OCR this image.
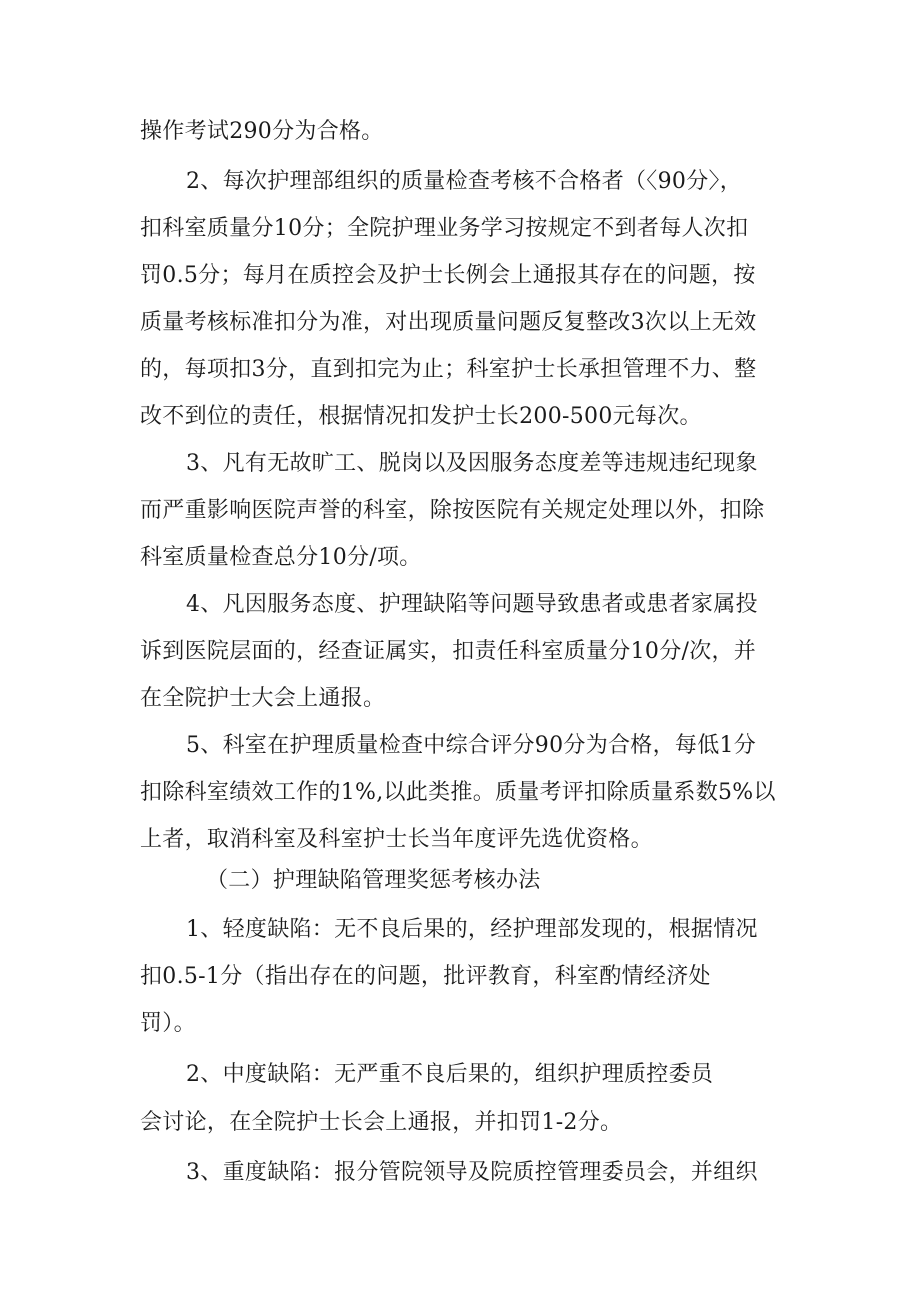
操作考试290分为合格。

2、每次护理部组织的质量检查考核不合格者（〈90分〉，

扣科室质量分10分；全院护理业务学习按规定不到者每人次扣

罚0.5分；每月在质控会及护士长例会上通报其存在的问题，按

质量考核标准扣分为准，对出现质量问题反复整改3次以上无效

的，每项扣3分，直到扣完为止；科室护士长承担管理不力、整

改不到位的责任，根据情况扣发护士长200-500元每次。

3、凡有无故旷工、脱岗以及因服务态度差等违规违纪现象

而严重影响医院声誉的科室，除按医院有关规定处理以外，扣除

科室质量检查总分10分/项。

4、凡因服务态度、护理缺陷等问题导致患者或患者家属投

诉到医院层面的，经查证属实，扣责任科室质量分10分/次，并

在全院护士大会上通报。

5、科室在护理质量检查中综合评分90分为合格，每低1分

扣除科室绩效工作的1%,以此类推。质量考评扣除质量系数5%以

上者，取消科室及科室护士长当年度评先选优资格。

（二）护理缺陷管理奖惩考核办法

1、轻度缺陷：无不良后果的，经护理部发现的，根据情况

扣0.5-1分（指出存在的问题，批评教育，科室酌情经济处

罚）。

2、中度缺陷：无严重不良后果的，组织护理质控委员

会讨论，在全院护士长会上通报，并扣罚1-2分。

3、重度缺陷：报分管院领导及院质控管理委员会，并组织
